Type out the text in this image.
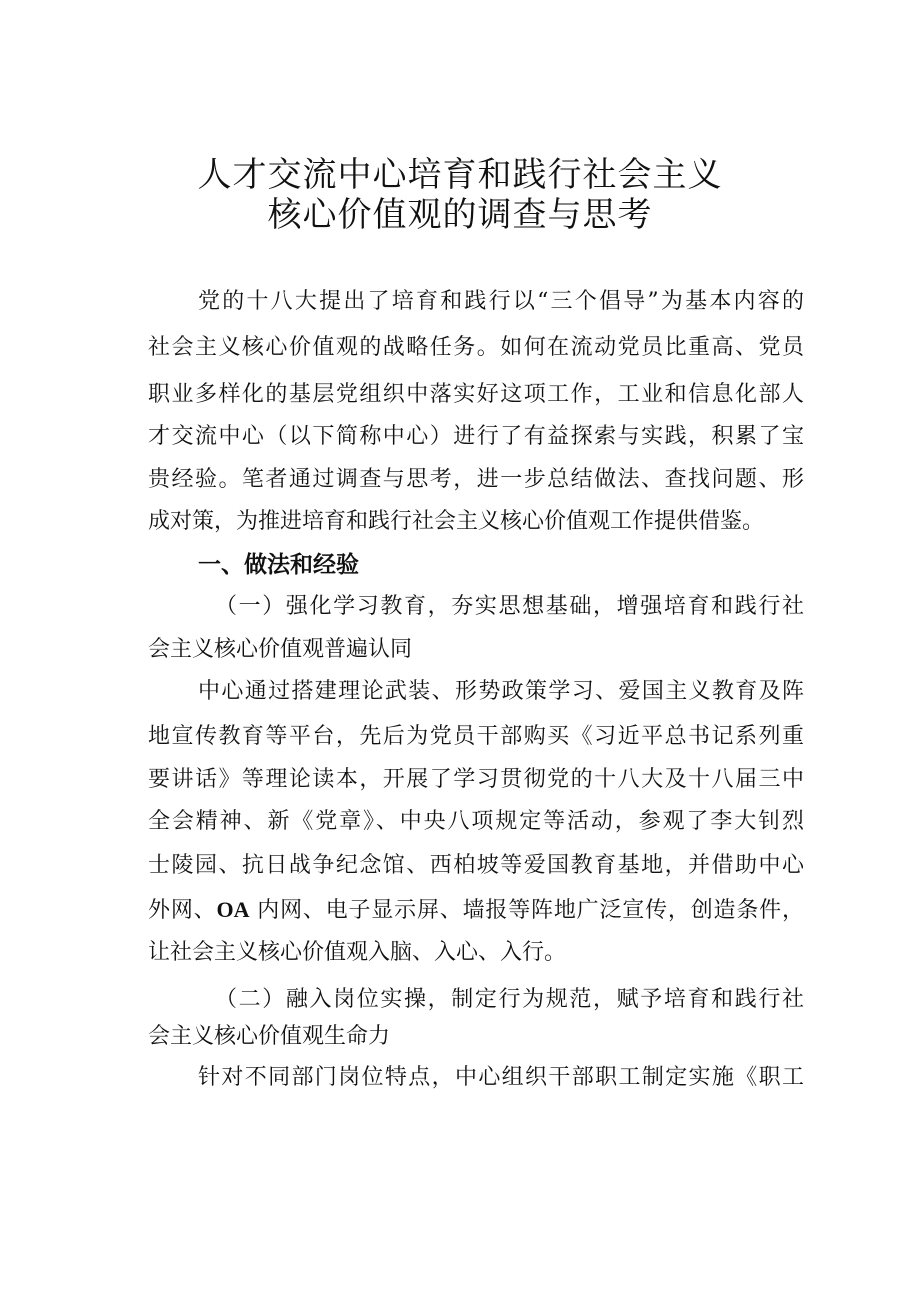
人才交流中心培育和践行社会主义
核心价值观的调查与思考
党的十八大提出了培育和践行以“三个倡导”为基本内容的
社会主义核心价值观的战略任务。如何在流动党员比重高、党员
职业多样化的基层党组织中落实好这项工作，工业和信息化部人
才交流中心（以下简称中心）进行了有益探索与实践，积累了宝
贵经验。笔者通过调查与思考，进一步总结做法、查找问题、形
成对策，为推进培育和践行社会主义核心价值观工作提供借鉴。
一、做法和经验
（一）强化学习教育，夯实思想基础，增强培育和践行社
会主义核心价值观普遍认同
中心通过搭建理论武装、形势政策学习、爱国主义教育及阵
地宣传教育等平台，先后为党员干部购买《习近平总书记系列重
要讲话》等理论读本，开展了学习贯彻党的十八大及十八届三中
全会精神、新《党章》、中央八项规定等活动，参观了李大钊烈
士陵园、抗日战争纪念馆、西柏坡等爱国教育基地，并借助中心
外网、OA 内网、电子显示屏、墙报等阵地广泛宣传，创造条件，
让社会主义核心价值观入脑、入心、入行。
（二）融入岗位实操，制定行为规范，赋予培育和践行社
会主义核心价值观生命力
针对不同部门岗位特点，中心组织干部职工制定实施《职工
